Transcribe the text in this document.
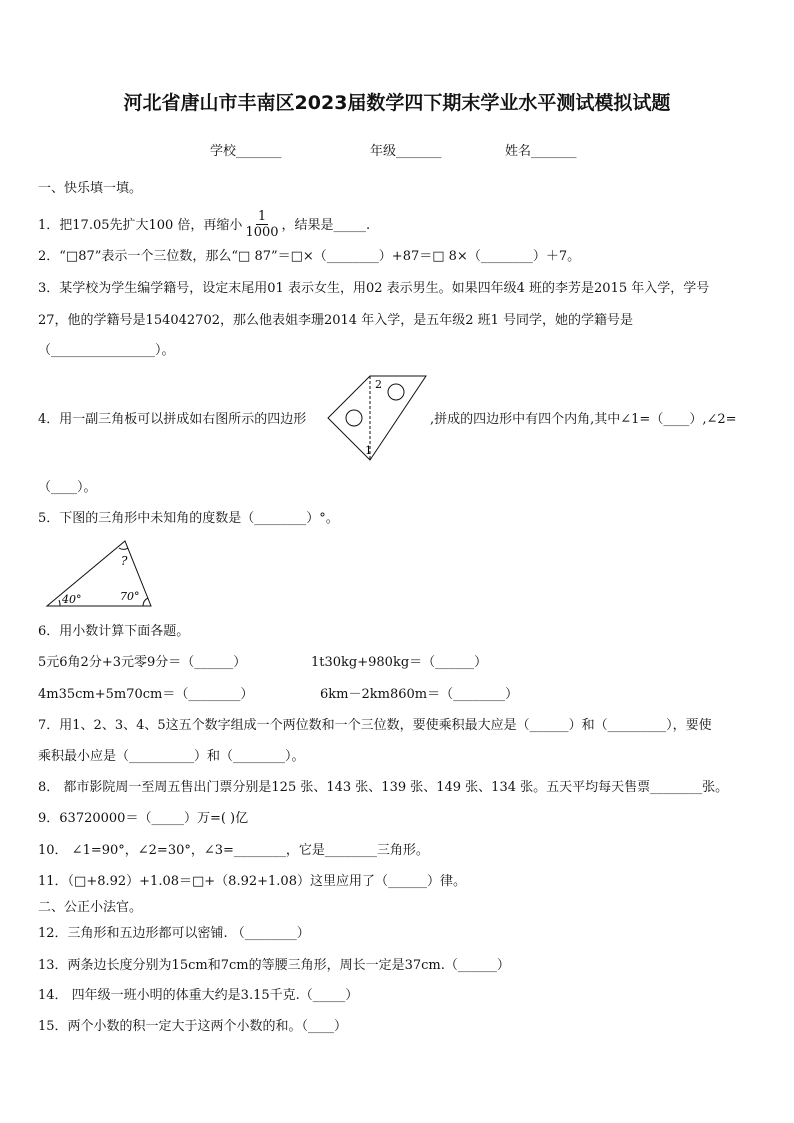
河北省唐山市丰南区2023届数学四下期末学业水平测试模拟试题
学校_______	年级_______	姓名_______
一、快乐填一填。
1．把17.05先扩大100 倍，再缩小 $\frac{1}{1000}$ ，结果是_____.
2．“□87”表示一个三位数，那么“□ 87”＝□×（________）+87＝□ 8×（________）＋7。
3．某学校为学生编学籍号，设定末尾用01 表示女生，用02 表示男生。如果四年级4 班的李芳是2015 年入学，学号
27，他的学籍号是154042702，那么他表姐李珊2014 年入学，是五年级2 班1 号同学，她的学籍号是
（________________）。
4．用一副三角板可以拼成如右图所示的四边形
2
1
,拼成的四边形中有四个内角,其中∠1=（____）,∠2=
（____）。
5．下图的三角形中未知角的度数是（________）°。
?
40°	70°
6．用小数计算下面各题。
5元6角2分+3元零9分＝（______）	1t30kg+980kg＝（______）
4m35cm+5m70cm＝（________）	6km－2km860m＝（________）
7．用1、2、3、4、5这五个数字组成一个两位数和一个三位数，要使乘积最大应是（______）和（_________），要使
乘积最小应是（__________）和（________）。
8． 都市影院周一至周五售出门票分别是125 张、143 张、139 张、149 张、134 张。五天平均每天售票________张。
9．63720000＝（_____）万=( )亿
10． ∠1=90°，∠2=30°，∠3=________，它是________三角形。
11．（□+8.92）+1.08＝□+（8.92+1.08）这里应用了（______）律。
二、公正小法官。
12．三角形和五边形都可以密铺. （________）
13．两条边长度分别为15cm和7cm的等腰三角形，周长一定是37cm.（______）
14． 四年级一班小明的体重大约是3.15千克.（_____）
15．两个小数的积一定大于这两个小数的和。（____）
